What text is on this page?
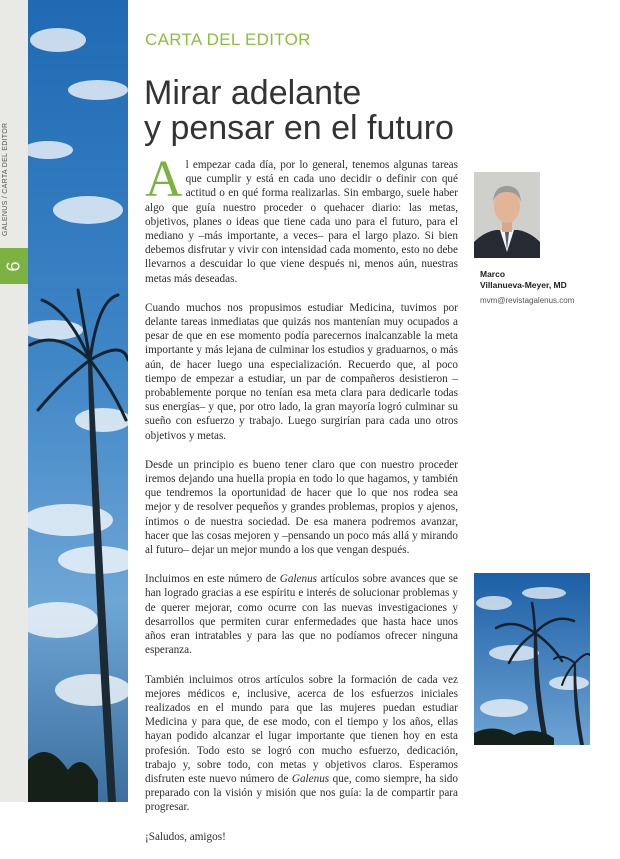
GALENUS / CARTA DEL EDITOR
6
CARTA DEL EDITOR
Mirar adelante
y pensar en el futuro

Al empezar cada día, por lo general, tenemos algunas tareas que cumplir y está en cada uno decidir o definir con qué actitud o en qué forma realizarlas. Sin embargo, suele haber algo que guía nuestro proceder o quehacer diario: las metas, objetivos, planes o ideas que tiene cada uno para el futuro, para el mediano y –más importante, a veces– para el largo plazo. Si bien debemos disfrutar y vivir con intensidad cada momento, esto no debe llevarnos a descuidar lo que viene después ni, menos aún, nuestras metas más deseadas.

Cuando muchos nos propusimos estudiar Medicina, tuvimos por delante tareas inmediatas que quizás nos mantenían muy ocupados a pesar de que en ese momento podía parecernos inalcanzable la meta importante y más lejana de culminar los estudios y graduarnos, o más aún, de hacer luego una especialización. Recuerdo que, al poco tiempo de empezar a estudiar, un par de compañeros desistieron –probablemente porque no tenían esa meta clara para dedicarle todas sus energías– y que, por otro lado, la gran mayoría logró culminar su sueño con esfuerzo y trabajo. Luego surgirían para cada uno otros objetivos y metas.

Desde un principio es bueno tener claro que con nuestro proceder iremos dejando una huella propia en todo lo que hagamos, y también que tendremos la oportunidad de hacer que lo que nos rodea sea mejor y de resolver pequeños y grandes problemas, propios y ajenos, íntimos o de nuestra sociedad. De esa manera podremos avanzar, hacer que las cosas mejoren y –pensando un poco más allá y mirando al futuro– dejar un mejor mundo a los que vengan después.

Incluimos en este número de Galenus artículos sobre avances que se han logrado gracias a ese espíritu e interés de solucionar problemas y de querer mejorar, como ocurre con las nuevas investigaciones y desarrollos que permiten curar enfermedades que hasta hace unos años eran intratables y para las que no podíamos ofrecer ninguna esperanza.

También incluimos otros artículos sobre la formación de cada vez mejores médicos e, inclusive, acerca de los esfuerzos iniciales realizados en el mundo para que las mujeres puedan estudiar Medicina y para que, de ese modo, con el tiempo y los años, ellas hayan podido alcanzar el lugar importante que tienen hoy en esta profesión. Todo esto se logró con mucho esfuerzo, dedicación, trabajo y, sobre todo, con metas y objetivos claros. Esperamos disfruten este nuevo número de Galenus que, como siempre, ha sido preparado con la visión y misión que nos guía: la de compartir para progresar.

¡Saludos, amigos!

Marco
Villanueva-Meyer, MD
mvm@revistagalenus.com
